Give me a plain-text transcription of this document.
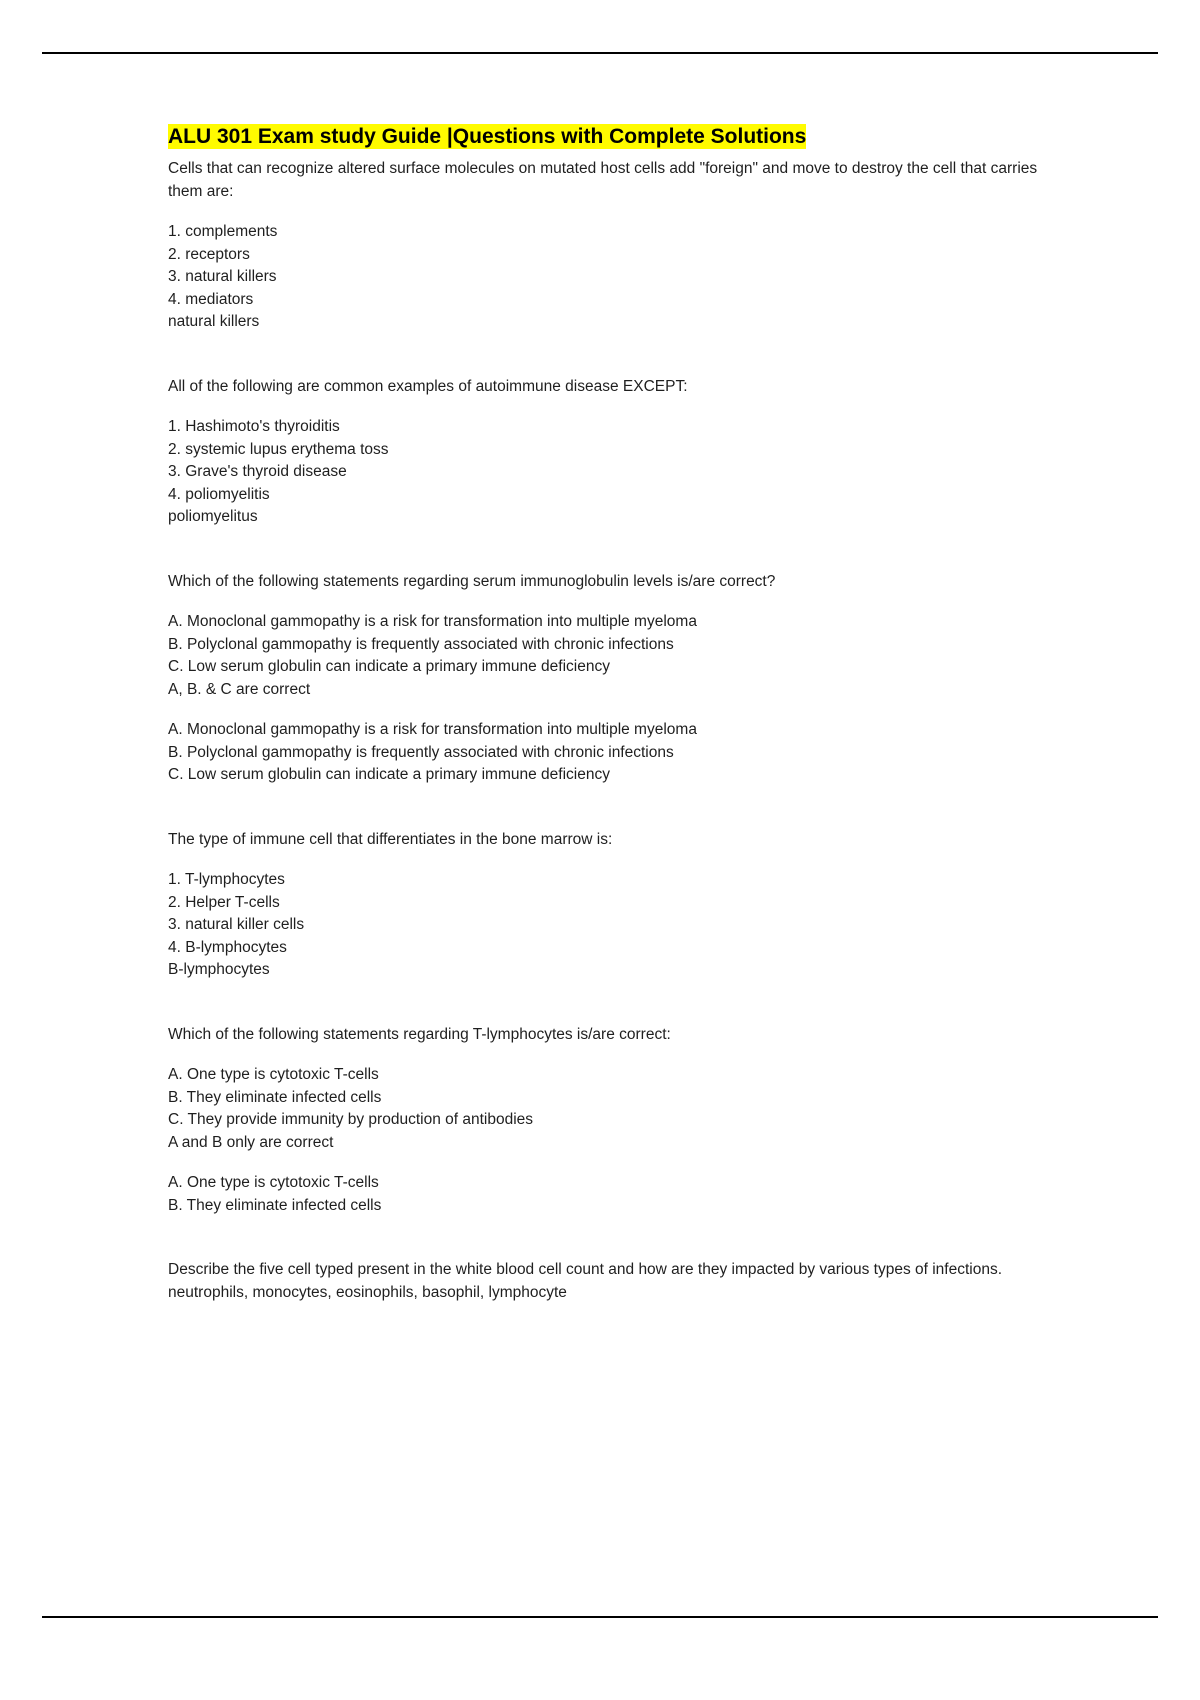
ALU 301 Exam study Guide |Questions with Complete Solutions

Cells that can recognize altered surface molecules on mutated host cells add "foreign" and move to destroy the cell that carries them are:

1. complements

2. receptors

3. natural killers

4. mediators

natural killers

All of the following are common examples of autoimmune disease EXCEPT:

1. Hashimoto's thyroiditis

2. systemic lupus erythema toss

3. Grave's thyroid disease

4. poliomyelitis

poliomyelitus

Which of the following statements regarding serum immunoglobulin levels is/are correct?

A. Monoclonal gammopathy is a risk for transformation into multiple myeloma

B. Polyclonal gammopathy is frequently associated with chronic infections

C. Low serum globulin can indicate a primary immune deficiency

A, B. & C are correct

A. Monoclonal gammopathy is a risk for transformation into multiple myeloma

B. Polyclonal gammopathy is frequently associated with chronic infections

C. Low serum globulin can indicate a primary immune deficiency

The type of immune cell that differentiates in the bone marrow is:

1. T-lymphocytes

2. Helper T-cells

3. natural killer cells

4. B-lymphocytes

B-lymphocytes

Which of the following statements regarding T-lymphocytes is/are correct:

A. One type is cytotoxic T-cells

B. They eliminate infected cells

C. They provide immunity by production of antibodies

A and B only are correct

A. One type is cytotoxic T-cells

B. They eliminate infected cells

Describe the five cell typed present in the white blood cell count and how are they impacted by various types of infections.

neutrophils, monocytes, eosinophils, basophil, lymphocyte
